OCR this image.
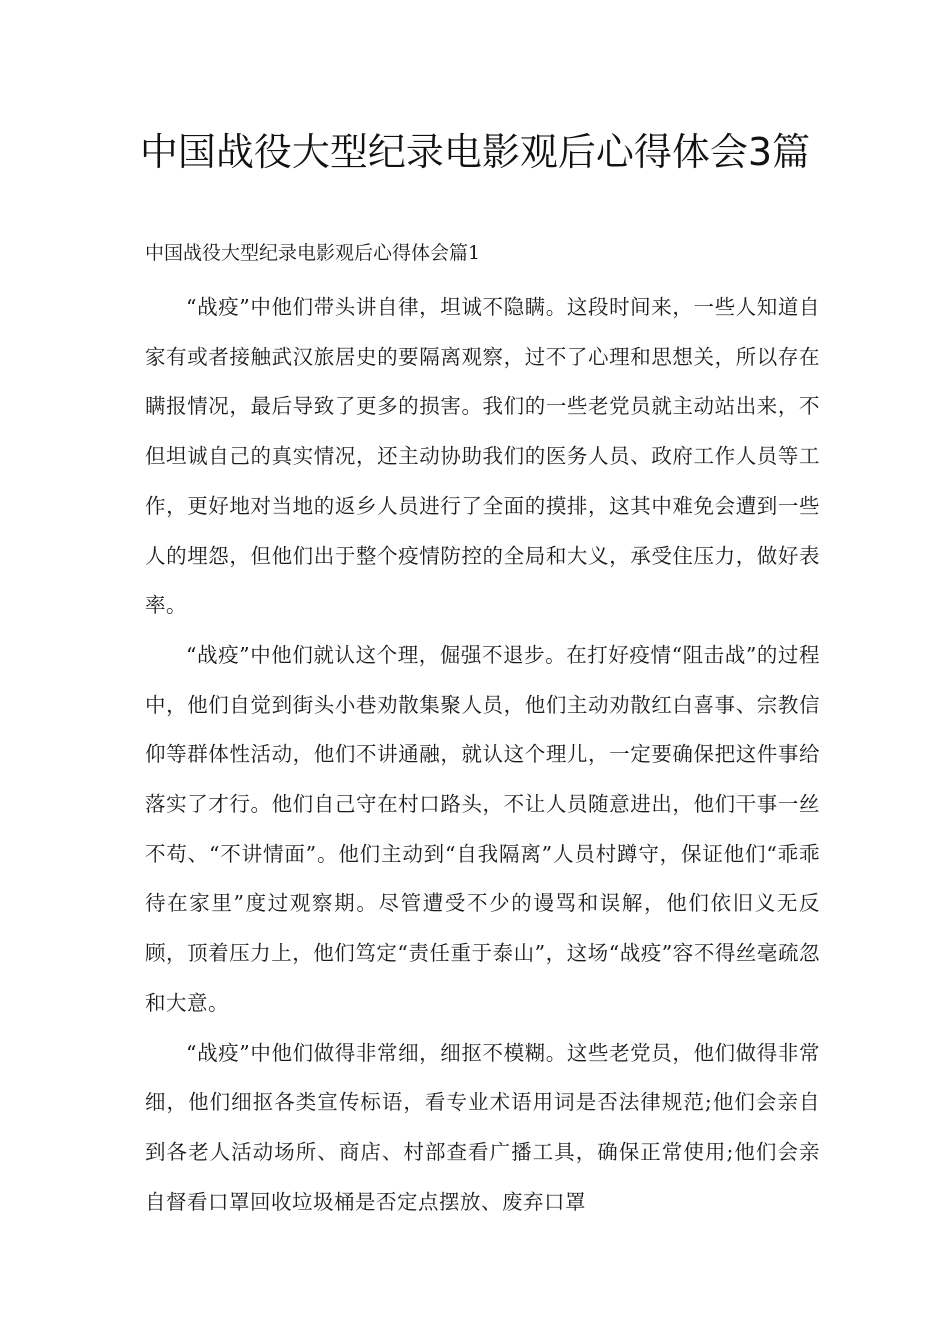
中国战役大型纪录电影观后心得体会3篇
中国战役大型纪录电影观后心得体会篇1

“战疫”中他们带头讲自律，坦诚不隐瞒。这段时间来，一些人知道自家有或者接触武汉旅居史的要隔离观察，过不了心理和思想关，所以存在瞒报情况，最后导致了更多的损害。我们的一些老党员就主动站出来，不但坦诚自己的真实情况，还主动协助我们的医务人员、政府工作人员等工作，更好地对当地的返乡人员进行了全面的摸排，这其中难免会遭到一些人的埋怨，但他们出于整个疫情防控的全局和大义，承受住压力，做好表率。

“战疫”中他们就认这个理，倔强不退步。在打好疫情“阻击战”的过程中，他们自觉到街头小巷劝散集聚人员，他们主动劝散红白喜事、宗教信仰等群体性活动，他们不讲通融，就认这个理儿，一定要确保把这件事给落实了才行。他们自己守在村口路头，不让人员随意进出，他们干事一丝不苟、“不讲情面”。他们主动到“自我隔离”人员村蹲守，保证他们“乖乖待在家里”度过观察期。尽管遭受不少的谩骂和误解，他们依旧义无反顾，顶着压力上，他们笃定“责任重于泰山”，这场“战疫”容不得丝毫疏忽和大意。

“战疫”中他们做得非常细，细抠不模糊。这些老党员，他们做得非常细，他们细抠各类宣传标语，看专业术语用词是否法律规范;他们会亲自到各老人活动场所、商店、村部查看广播工具，确保正常使用;他们会亲自督看口罩回收垃圾桶是否定点摆放、废弃口罩
